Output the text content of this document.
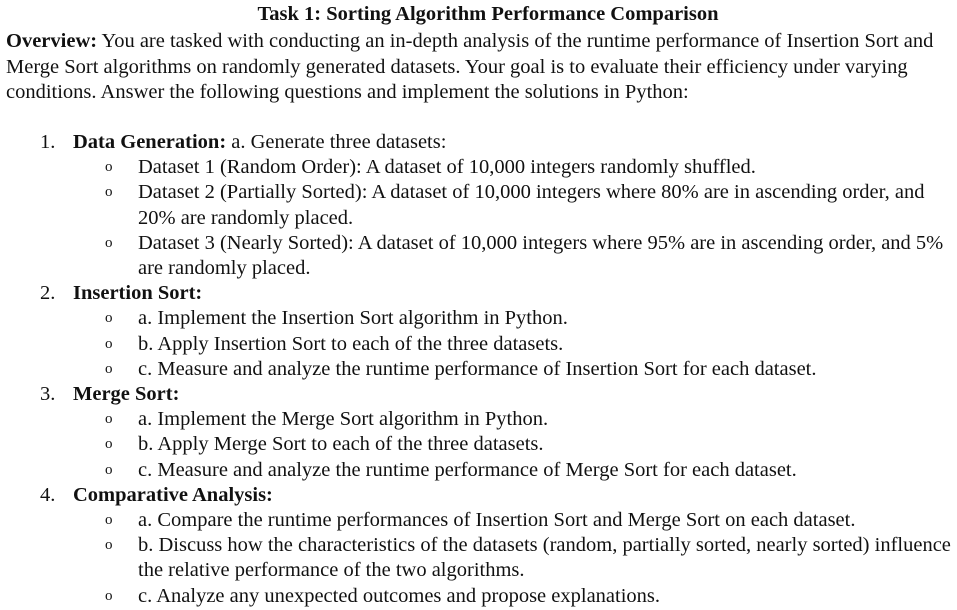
Task 1: Sorting Algorithm Performance Comparison
Overview: You are tasked with conducting an in-depth analysis of the runtime performance of Insertion Sort and Merge Sort algorithms on randomly generated datasets. Your goal is to evaluate their efficiency under varying conditions. Answer the following questions and implement the solutions in Python:
1. Data Generation: a. Generate three datasets:
o Dataset 1 (Random Order): A dataset of 10,000 integers randomly shuffled.
o Dataset 2 (Partially Sorted): A dataset of 10,000 integers where 80% are in ascending order, and 20% are randomly placed.
o Dataset 3 (Nearly Sorted): A dataset of 10,000 integers where 95% are in ascending order, and 5% are randomly placed.
2. Insertion Sort:
o a. Implement the Insertion Sort algorithm in Python.
o b. Apply Insertion Sort to each of the three datasets.
o c. Measure and analyze the runtime performance of Insertion Sort for each dataset.
3. Merge Sort:
o a. Implement the Merge Sort algorithm in Python.
o b. Apply Merge Sort to each of the three datasets.
o c. Measure and analyze the runtime performance of Merge Sort for each dataset.
4. Comparative Analysis:
o a. Compare the runtime performances of Insertion Sort and Merge Sort on each dataset.
o b. Discuss how the characteristics of the datasets (random, partially sorted, nearly sorted) influence the relative performance of the two algorithms.
o c. Analyze any unexpected outcomes and propose explanations.
